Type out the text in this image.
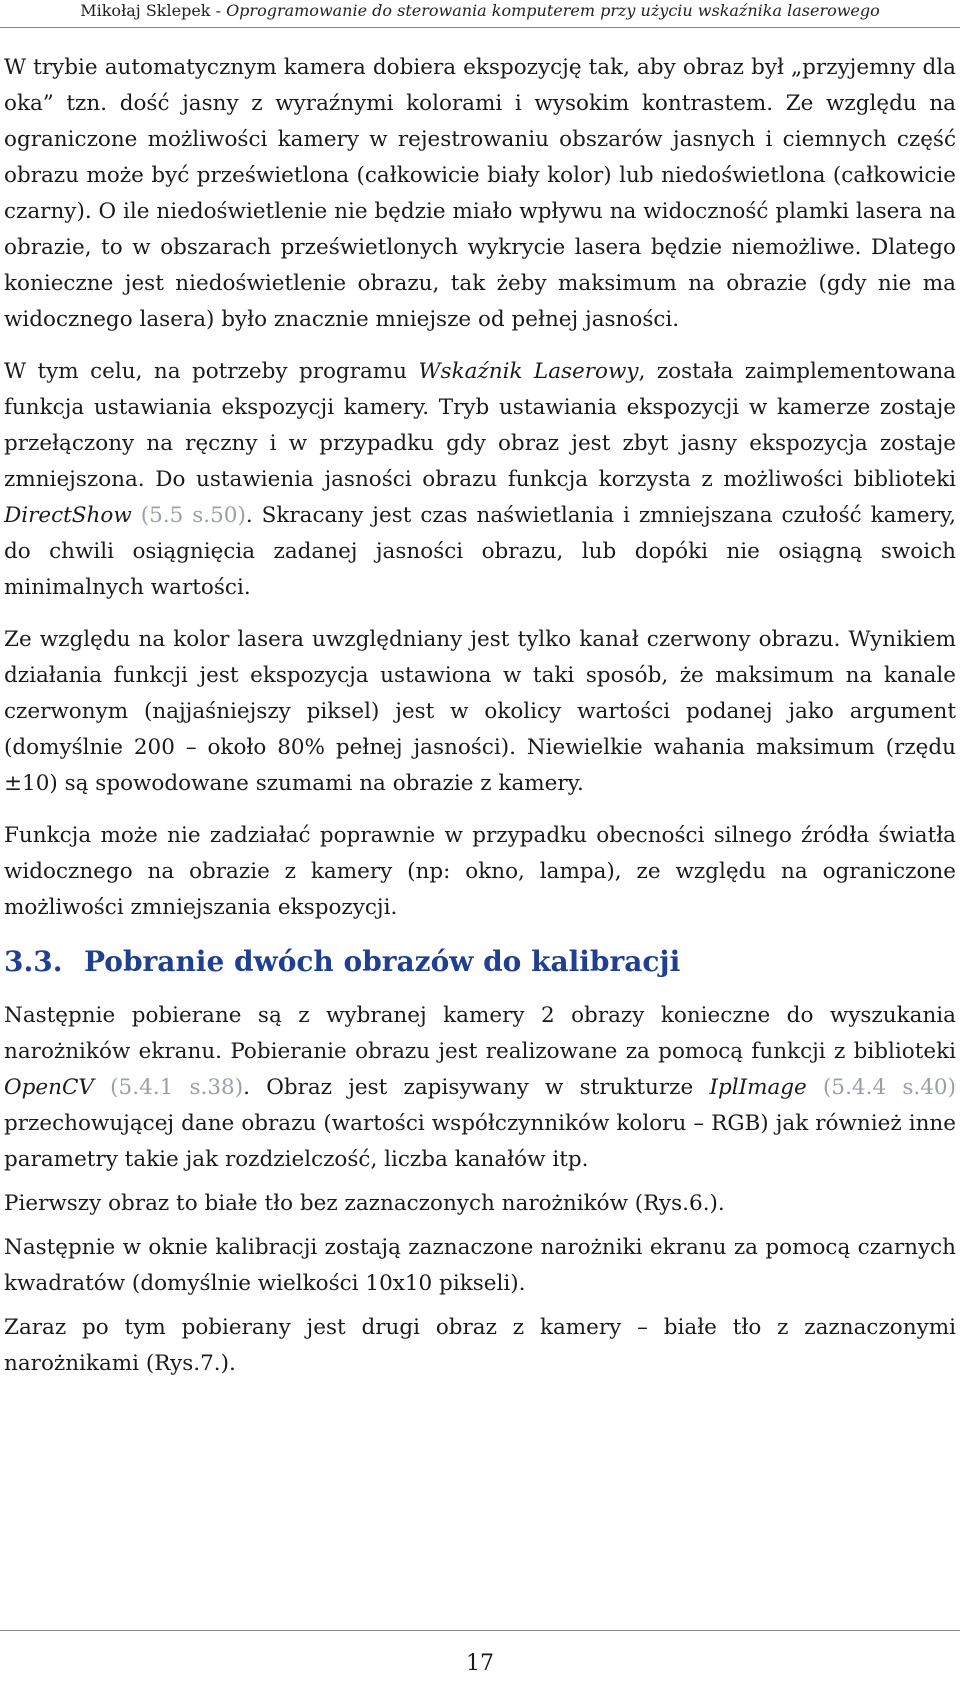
Mikołaj Sklepek - Oprogramowanie do sterowania komputerem przy użyciu wskaźnika laserowego

W trybie automatycznym kamera dobiera ekspozycję tak, aby obraz był „przyjemny dla oka” tzn. dość jasny z wyraźnymi kolorami i wysokim kontrastem. Ze względu na ograniczone możliwości kamery w rejestrowaniu obszarów jasnych i ciemnych część obrazu może być prześwietlona (całkowicie biały kolor) lub niedoświetlona (całkowicie czarny). O ile niedoświetlenie nie będzie miało wpływu na widoczność plamki lasera na obrazie, to w obszarach prześwietlonych wykrycie lasera będzie niemożliwe. Dlatego konieczne jest niedoświetlenie obrazu, tak żeby maksimum na obrazie (gdy nie ma widocznego lasera) było znacznie mniejsze od pełnej jasności.

W tym celu, na potrzeby programu Wskaźnik Laserowy, została zaimplementowana funkcja ustawiania ekspozycji kamery. Tryb ustawiania ekspozycji w kamerze zostaje przełączony na ręczny i w przypadku gdy obraz jest zbyt jasny ekspozycja zostaje zmniejszona. Do ustawienia jasności obrazu funkcja korzysta z możliwości biblioteki DirectShow (5.5 s.50). Skracany jest czas naświetlania i zmniejszana czułość kamery, do chwili osiągnięcia zadanej jasności obrazu, lub dopóki nie osiągną swoich minimalnych wartości.

Ze względu na kolor lasera uwzględniany jest tylko kanał czerwony obrazu. Wynikiem działania funkcji jest ekspozycja ustawiona w taki sposób, że maksimum na kanale czerwonym (najjaśniejszy piksel) jest w okolicy wartości podanej jako argument (domyślnie 200 – około 80% pełnej jasności). Niewielkie wahania maksimum (rzędu ±10) są spowodowane szumami na obrazie z kamery.

Funkcja może nie zadziałać poprawnie w przypadku obecności silnego źródła światła widocznego na obrazie z kamery (np: okno, lampa), ze względu na ograniczone możliwości zmniejszania ekspozycji.

3.3. Pobranie dwóch obrazów do kalibracji

Następnie pobierane są z wybranej kamery 2 obrazy konieczne do wyszukania narożników ekranu. Pobieranie obrazu jest realizowane za pomocą funkcji z biblioteki OpenCV (5.4.1 s.38). Obraz jest zapisywany w strukturze IplImage (5.4.4 s.40) przechowującej dane obrazu (wartości współczynników koloru – RGB) jak również inne parametry takie jak rozdzielczość, liczba kanałów itp.

Pierwszy obraz to białe tło bez zaznaczonych narożników (Rys.6.).

Następnie w oknie kalibracji zostają zaznaczone narożniki ekranu za pomocą czarnych kwadratów (domyślnie wielkości 10x10 pikseli).

Zaraz po tym pobierany jest drugi obraz z kamery – białe tło z zaznaczonymi narożnikami (Rys.7.).

17
